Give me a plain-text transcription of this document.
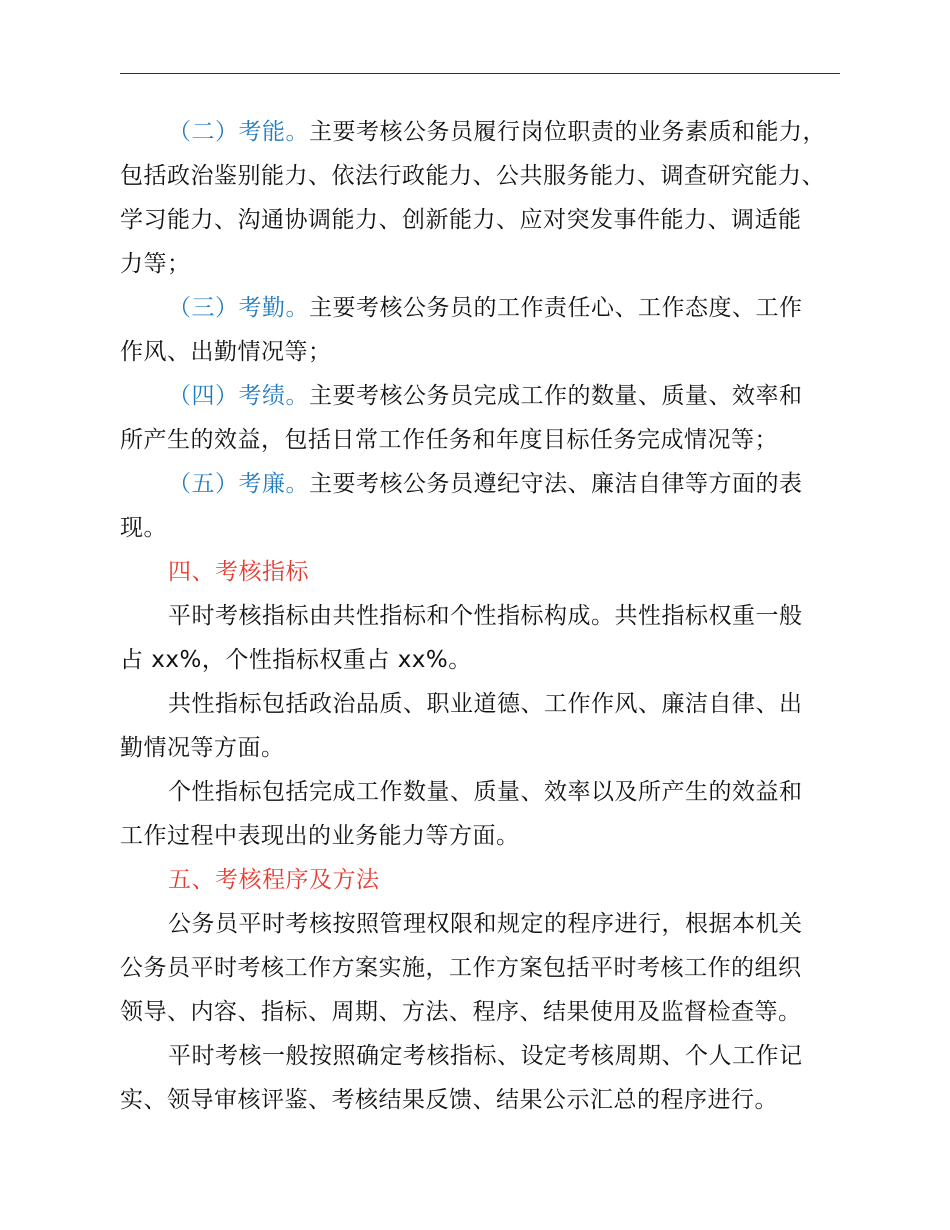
（二）考能。主要考核公务员履行岗位职责的业务素质和能力，
包括政治鉴别能力、依法行政能力、公共服务能力、调查研究能力、
学习能力、沟通协调能力、创新能力、应对突发事件能力、调适能
力等；
（三）考勤。主要考核公务员的工作责任心、工作态度、工作
作风、出勤情况等；
（四）考绩。主要考核公务员完成工作的数量、质量、效率和
所产生的效益，包括日常工作任务和年度目标任务完成情况等；
（五）考廉。主要考核公务员遵纪守法、廉洁自律等方面的表
现。
四、考核指标
平时考核指标由共性指标和个性指标构成。共性指标权重一般
占 xx%，个性指标权重占 xx%。
共性指标包括政治品质、职业道德、工作作风、廉洁自律、出
勤情况等方面。
个性指标包括完成工作数量、质量、效率以及所产生的效益和
工作过程中表现出的业务能力等方面。
五、考核程序及方法
公务员平时考核按照管理权限和规定的程序进行，根据本机关
公务员平时考核工作方案实施，工作方案包括平时考核工作的组织
领导、内容、指标、周期、方法、程序、结果使用及监督检查等。
平时考核一般按照确定考核指标、设定考核周期、个人工作记
实、领导审核评鉴、考核结果反馈、结果公示汇总的程序进行。
